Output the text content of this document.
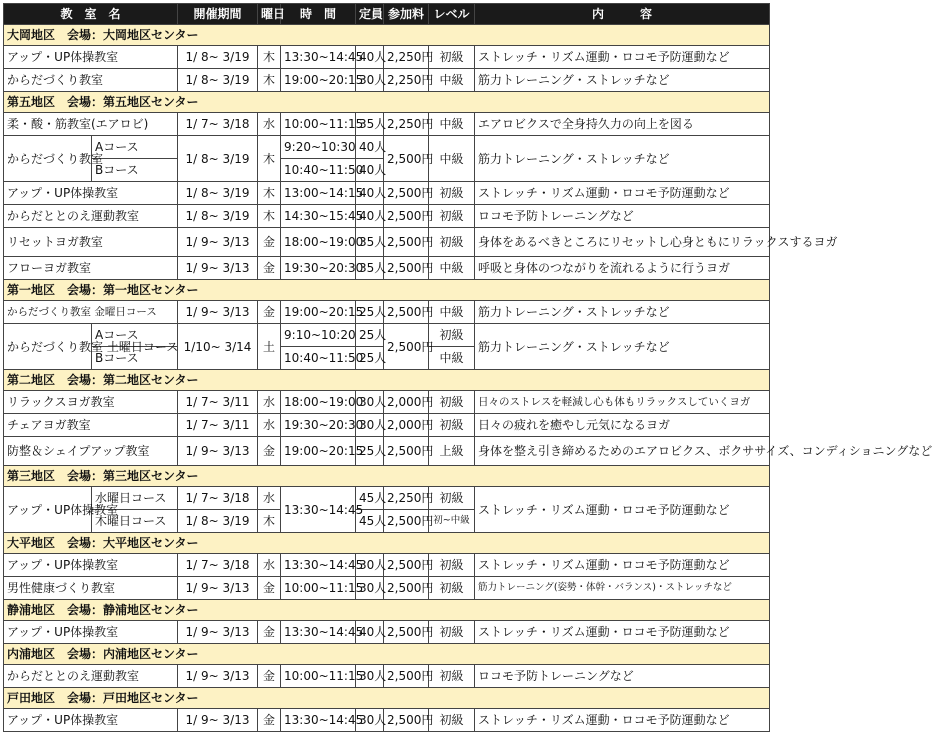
教　室　名		開催期間	曜日	時　間	定員	参加料	レベル	内　　　容
大岡地区　会場：大岡地区センター								
アップ・UP体操教室		1/ 8~ 3/19	木	13:30~14:45	40人	2,250円	初級	ストレッチ・リズム運動・ロコモ予防運動など
からだづくり教室		1/ 8~ 3/19	木	19:00~20:15	30人	2,250円	中級	筋力トレーニング・ストレッチなど
第五地区　会場：第五地区センター								
柔・酸・筋教室(エアロビ)		1/ 7~ 3/18	水	10:00~11:15	35人	2,250円	中級	エアロビクスで全身持久力の向上を図る
からだづくり教室	Aコース	1/ 8~ 3/19	木	9:20~10:30	40人	2,500円	中級	筋力トレーニング・ストレッチなど
	Bコース			10:40~11:50	40人			
アップ・UP体操教室		1/ 8~ 3/19	木	13:00~14:15	40人	2,500円	初級	ストレッチ・リズム運動・ロコモ予防運動など
からだととのえ運動教室		1/ 8~ 3/19	木	14:30~15:45	40人	2,500円	初級	ロコモ予防トレーニングなど
リセットヨガ教室		1/ 9~ 3/13	金	18:00~19:00	35人	2,500円	初級	身体をあるべきところにリセットし心身ともにリラックスするヨガ
フローヨガ教室		1/ 9~ 3/13	金	19:30~20:30	35人	2,500円	中級	呼吸と身体のつながりを流れるように行うヨガ
第一地区　会場：第一地区センター								
からだづくり教室 金曜日コース		1/ 9~ 3/13	金	19:00~20:15	25人	2,500円	中級	筋力トレーニング・ストレッチなど
からだづくり教室 土曜日コース	Aコース	1/10~ 3/14	土	9:10~10:20	25人	2,500円	初級	筋力トレーニング・ストレッチなど
	Bコース			10:40~11:50	25人		中級	
第二地区　会場：第二地区センター								
リラックスヨガ教室		1/ 7~ 3/11	水	18:00~19:00	30人	2,000円	初級	日々のストレスを軽減し心も体もリラックスしていくヨガ
チェアヨガ教室		1/ 7~ 3/11	水	19:30~20:30	30人	2,000円	初級	日々の疲れを癒やし元気になるヨガ
防整＆シェイプアップ教室		1/ 9~ 3/13	金	19:00~20:15	25人	2,500円	上級	身体を整え引き締めるためのエアロビクス、ボクササイズ、コンディショニングなど
第三地区　会場：第三地区センター								
アップ・UP体操教室	水曜日コース	1/ 7~ 3/18	水	13:30~14:45	45人	2,250円	初級	ストレッチ・リズム運動・ロコモ予防運動など
	木曜日コース	1/ 8~ 3/19	木		45人	2,500円	初~中級	
大平地区　会場：大平地区センター								
アップ・UP体操教室		1/ 7~ 3/18	水	13:30~14:45	30人	2,500円	初級	ストレッチ・リズム運動・ロコモ予防運動など
男性健康づくり教室		1/ 9~ 3/13	金	10:00~11:15	30人	2,500円	初級	筋力トレーニング(姿勢・体幹・バランス)・ストレッチなど
静浦地区　会場：静浦地区センター								
アップ・UP体操教室		1/ 9~ 3/13	金	13:30~14:45	40人	2,500円	初級	ストレッチ・リズム運動・ロコモ予防運動など
内浦地区　会場：内浦地区センター								
からだととのえ運動教室		1/ 9~ 3/13	金	10:00~11:15	30人	2,500円	初級	ロコモ予防トレーニングなど
戸田地区　会場：戸田地区センター								
アップ・UP体操教室		1/ 9~ 3/13	金	13:30~14:45	30人	2,500円	初級	ストレッチ・リズム運動・ロコモ予防運動など
